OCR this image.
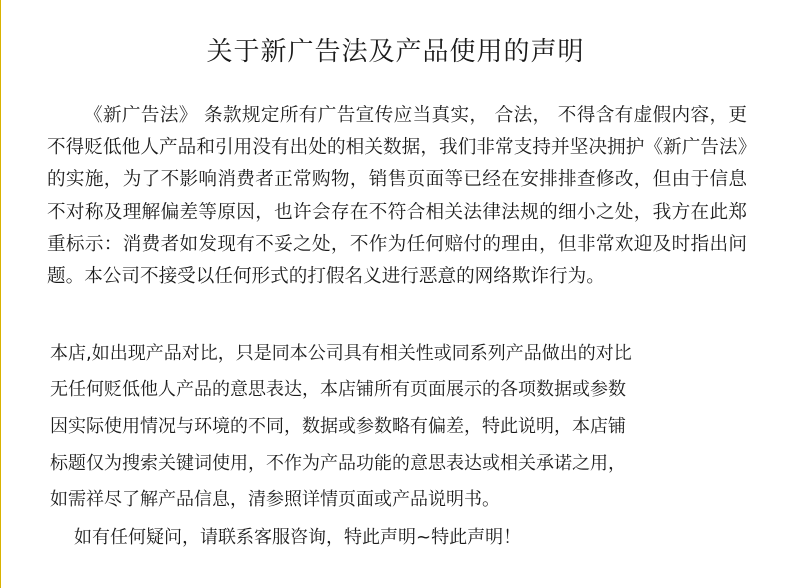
关于新广告法及产品使用的声明
《新广告法》 条款规定所有广告宣传应当真实， 合法， 不得含有虚假内容，更不得贬低他人产品和引用没有出处的相关数据，我们非常支持并坚决拥护《新广告法》的实施，为了不影响消费者正常购物，销售页面等已经在安排排查修改，但由于信息不对称及理解偏差等原因，也许会存在不符合相关法律法规的细小之处，我方在此郑重标示：消费者如发现有不妥之处，不作为任何赔付的理由，但非常欢迎及时指出问题。本公司不接受以任何形式的打假名义进行恶意的网络欺诈行为。
本店,如出现产品对比，只是同本公司具有相关性或同系列产品做出的对比
无任何贬低他人产品的意思表达，本店铺所有页面展示的各项数据或参数
因实际使用情况与环境的不同，数据或参数略有偏差，特此说明，本店铺
标题仅为搜索关键词使用，不作为产品功能的意思表达或相关承诺之用，
如需祥尽了解产品信息，清参照详情页面或产品说明书。
如有任何疑问，请联系客服咨询，特此声明~特此声明！
